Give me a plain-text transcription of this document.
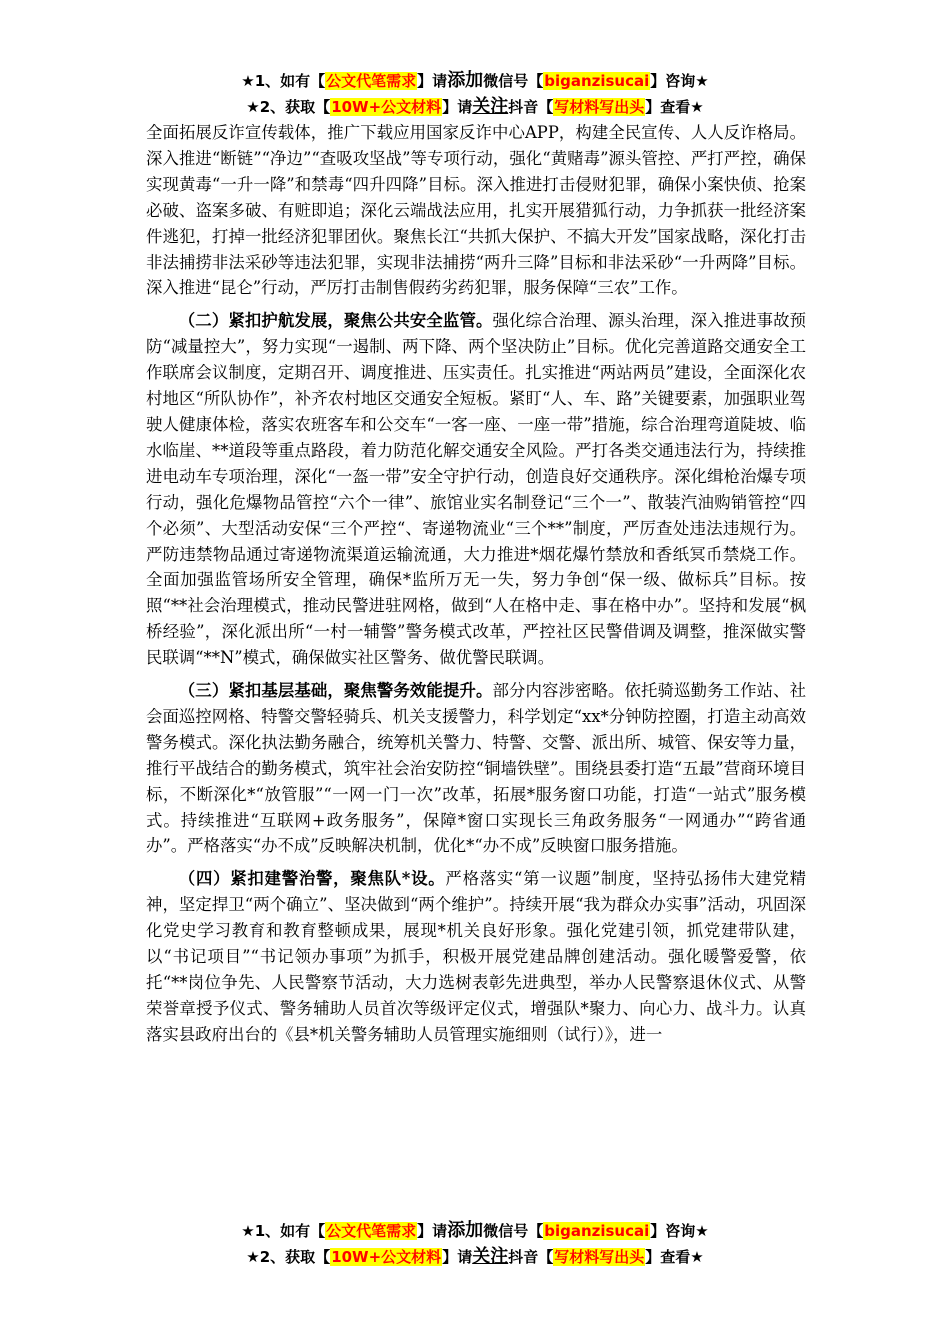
★1、如有【公文代笔需求】请添加微信号【biganzisucai】咨询★
★2、获取【10W+公文材料】请关注抖音【写材料写出头】查看★

全面拓展反诈宣传载体，推广下载应用国家反诈中心APP，构建全民宣传、人人反诈格局。深入推进“断链”“净边”“查吸攻坚战”等专项行动，强化“黄赌毒”源头管控、严打严控，确保实现黄毒“一升一降”和禁毒“四升四降”目标。深入推进打击侵财犯罪，确保小案快侦、抢案必破、盗案多破、有赃即追；深化云端战法应用，扎实开展猎狐行动，力争抓获一批经济案件逃犯，打掉一批经济犯罪团伙。聚焦长江“共抓大保护、不搞大开发”国家战略，深化打击非法捕捞非法采砂等违法犯罪，实现非法捕捞“两升三降”目标和非法采砂“一升两降”目标。深入推进“昆仑”行动，严厉打击制售假药劣药犯罪，服务保障“三农”工作。

（二）紧扣护航发展，聚焦公共安全监管。强化综合治理、源头治理，深入推进事故预防“减量控大”，努力实现“一遏制、两下降、两个坚决防止”目标。优化完善道路交通安全工作联席会议制度，定期召开、调度推进、压实责任。扎实推进“两站两员”建设，全面深化农村地区“所队协作”，补齐农村地区交通安全短板。紧盯“人、车、路”关键要素，加强职业驾驶人健康体检，落实农班客车和公交车“一客一座、一座一带”措施，综合治理弯道陡坡、临水临崖、**道段等重点路段，着力防范化解交通安全风险。严打各类交通违法行为，持续推进电动车专项治理，深化“一盔一带”安全守护行动，创造良好交通秩序。深化缉枪治爆专项行动，强化危爆物品管控“六个一律”、旅馆业实名制登记“三个一”、散装汽油购销管控“四个必须”、大型活动安保“三个严控“、寄递物流业“三个**”制度，严厉查处违法违规行为。严防违禁物品通过寄递物流渠道运输流通，大力推进*烟花爆竹禁放和香纸冥币禁烧工作。全面加强监管场所安全管理，确保*监所万无一失，努力争创“保一级、做标兵”目标。按照“**社会治理模式，推动民警进驻网格，做到“人在格中走、事在格中办”。坚持和发展“枫桥经验”，深化派出所“一村一辅警”警务模式改革，严控社区民警借调及调整，推深做实警民联调“**N”模式，确保做实社区警务、做优警民联调。

（三）紧扣基层基础，聚焦警务效能提升。部分内容涉密略。依托骑巡勤务工作站、社会面巡控网格、特警交警轻骑兵、机关支援警力，科学划定“xx*分钟防控圈，打造主动高效警务模式。深化执法勤务融合，统筹机关警力、特警、交警、派出所、城管、保安等力量，推行平战结合的勤务模式，筑牢社会治安防控“铜墙铁壁”。围绕县委打造“五最”营商环境目标，不断深化*“放管服”“一网一门一次”改革，拓展*服务窗口功能，打造“一站式”服务模式。持续推进“互联网+政务服务”，保障*窗口实现长三角政务服务“一网通办”“跨省通办”。严格落实“办不成”反映解决机制，优化*“办不成”反映窗口服务措施。

（四）紧扣建警治警，聚焦队*设。严格落实“第一议题”制度，坚持弘扬伟大建党精神，坚定捍卫“两个确立”、坚决做到“两个维护”。持续开展“我为群众办实事”活动，巩固深化党史学习教育和教育整顿成果，展现*机关良好形象。强化党建引领，抓党建带队建，以“书记项目”“书记领办事项”为抓手，积极开展党建品牌创建活动。强化暖警爱警，依托“**岗位争先、人民警察节活动，大力选树表彰先进典型，举办人民警察退休仪式、从警荣誉章授予仪式、警务辅助人员首次等级评定仪式，增强队*聚力、向心力、战斗力。认真落实县政府出台的《县*机关警务辅助人员管理实施细则（试行）》，进一

★1、如有【公文代笔需求】请添加微信号【biganzisucai】咨询★
★2、获取【10W+公文材料】请关注抖音【写材料写出头】查看★
